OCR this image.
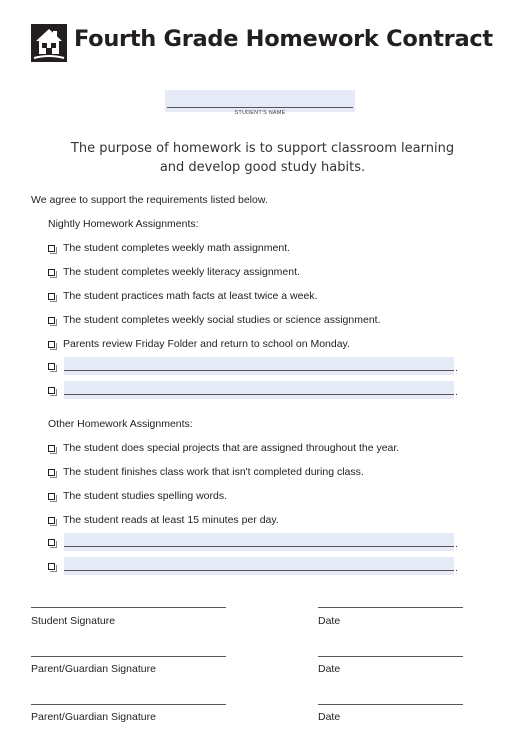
Fourth Grade Homework Contract
STUDENT'S NAME
The purpose of homework is to support classroom learning
and develop good study habits.
We agree to support the requirements listed below.
Nightly Homework Assignments:
The student completes weekly math assignment.
The student completes weekly literacy assignment.
The student practices math facts at least twice a week.
The student completes weekly social studies or science assignment.
Parents review Friday Folder and return to school on Monday.
.
.
Other Homework Assignments:
The student does special projects that are assigned throughout the year.
The student finishes class work that isn't completed during class.
The student studies spelling words.
The student reads at least 15 minutes per day.
.
.
Student Signature	Date
Parent/Guardian Signature	Date
Parent/Guardian Signature	Date
